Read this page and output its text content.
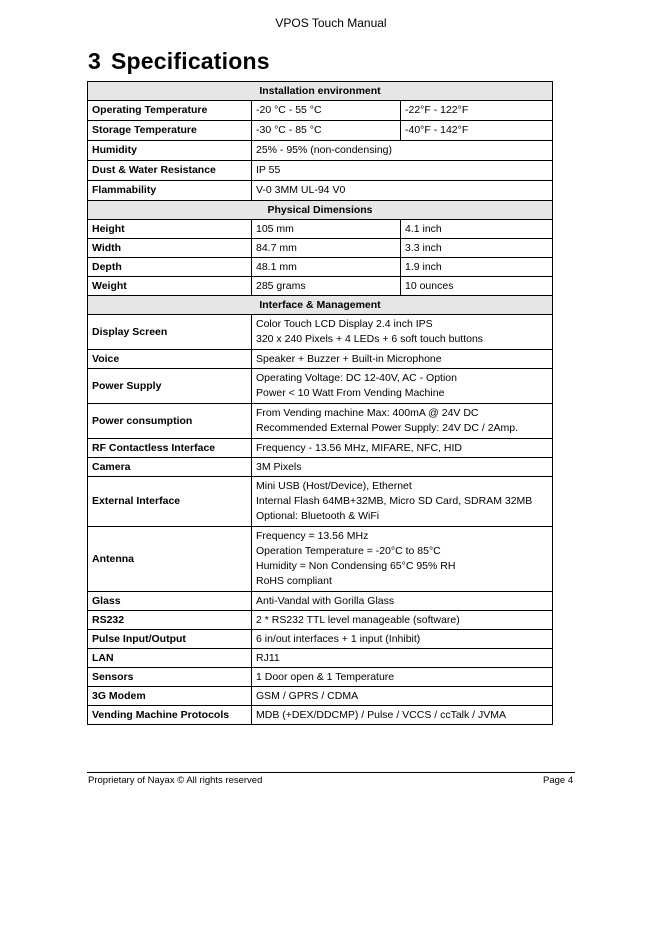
VPOS Touch Manual
3 Specifications
Installation environment		
Operating Temperature	-20 °C - 55 °C	-22°F - 122°F
Storage Temperature	-30 °C - 85 °C	-40°F - 142°F
Humidity	25% - 95% (non-condensing)	
Dust & Water Resistance	IP 55	
Flammability	V-0 3MM UL-94 V0	
Physical Dimensions		
Height	105 mm	4.1 inch
Width	84.7 mm	3.3 inch
Depth	48.1 mm	1.9 inch
Weight	285 grams	10 ounces
Interface & Management		
Display Screen	Color Touch LCD Display 2.4 inch IPS
320 x 240 Pixels + 4 LEDs + 6 soft touch buttons	

Voice	Speaker + Buzzer + Built-in Microphone	
Power Supply	Operating Voltage: DC 12-40V, AC - Option
Power < 10 Watt From Vending Machine	

Power consumption	From Vending machine Max: 400mA @ 24V DC
Recommended External Power Supply: 24V DC / 2Amp.	

RF Contactless Interface	Frequency - 13.56 MHz, MIFARE, NFC, HID	
Camera	3M Pixels	
External Interface	Mini USB (Host/Device), Ethernet
Internal Flash 64MB+32MB, Micro SD Card, SDRAM 32MB
Optional: Bluetooth & WiFi	

Antenna	Frequency = 13.56 MHz
Operation Temperature = -20°C to 85°C
Humidity = Non Condensing 65°C 95% RH
RoHS compliant	

Glass	Anti-Vandal with Gorilla Glass	
RS232	2 * RS232 TTL level manageable (software)	
Pulse Input/Output	6 in/out interfaces + 1 input (Inhibit)	
LAN	RJ11	
Sensors	1 Door open & 1 Temperature	
3G Modem	GSM / GPRS / CDMA	
Vending Machine Protocols	MDB (+DEX/DDCMP) / Pulse / VCCS / ccTalk / JVMA	
Proprietary of Nayax © All rights reserved	Page 4
